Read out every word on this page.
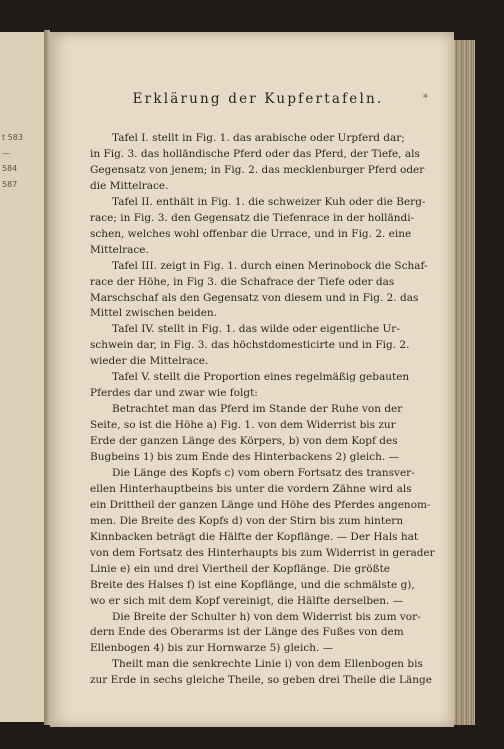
t 583
—
584
587
*
Erklärung der Kupfertafeln.
Tafel I. stellt in Fig. 1. das arabische oder Urpferd dar;
in Fig. 3. das holländische Pferd oder das Pferd, der Tiefe, als
Gegensatz von jenem; in Fig. 2. das mecklenburger Pferd oder
die Mittelrace.
Tafel II. enthält in Fig. 1. die schweizer Kuh oder die Berg-
race; in Fig. 3. den Gegensatz die Tiefenrace in der holländi-
schen, welches wohl offenbar die Urrace, und in Fig. 2. eine
Mittelrace.
Tafel III. zeigt in Fig. 1. durch einen Merinobock die Schaf-
race der Höhe, in Fig 3. die Schafrace der Tiefe oder das
Marschschaf als den Gegensatz von diesem und in Fig. 2. das
Mittel zwischen beiden.
Tafel IV. stellt in Fig. 1. das wilde oder eigentliche Ur-
schwein dar, in Fig. 3. das höchstdomesticirte und in Fig. 2.
wieder die Mittelrace.
Tafel V. stellt die Proportion eines regelmäßig gebauten
Pferdes dar und zwar wie folgt:
Betrachtet man das Pferd im Stande der Ruhe von der
Seite, so ist die Höhe a) Fig. 1. von dem Widerrist bis zur
Erde der ganzen Länge des Körpers, b) von dem Kopf des
Bugbeins 1) bis zum Ende des Hinterbackens 2) gleich. —
Die Länge des Kopfs c) vom obern Fortsatz des transver-
ellen Hinterhauptbeins bis unter die vordern Zähne wird als
ein Drittheil der ganzen Länge und Höhe des Pferdes angenom-
men. Die Breite des Kopfs d) von der Stirn bis zum hintern
Kinnbacken beträgt die Hälfte der Kopflänge. — Der Hals hat
von dem Fortsatz des Hinterhaupts bis zum Widerrist in gerader
Linie e) ein und drei Viertheil der Kopflänge. Die größte
Breite des Halses f) ist eine Kopflänge, und die schmälste g),
wo er sich mit dem Kopf vereinigt, die Hälfte derselben. —
Die Breite der Schulter h) von dem Widerrist bis zum vor-
dern Ende des Oberarms ist der Länge des Fußes von dem
Ellenbogen 4) bis zur Hornwarze 5) gleich. —
Theilt man die senkrechte Linie i) von dem Ellenbogen bis
zur Erde in sechs gleiche Theile, so geben drei Theile die Länge
